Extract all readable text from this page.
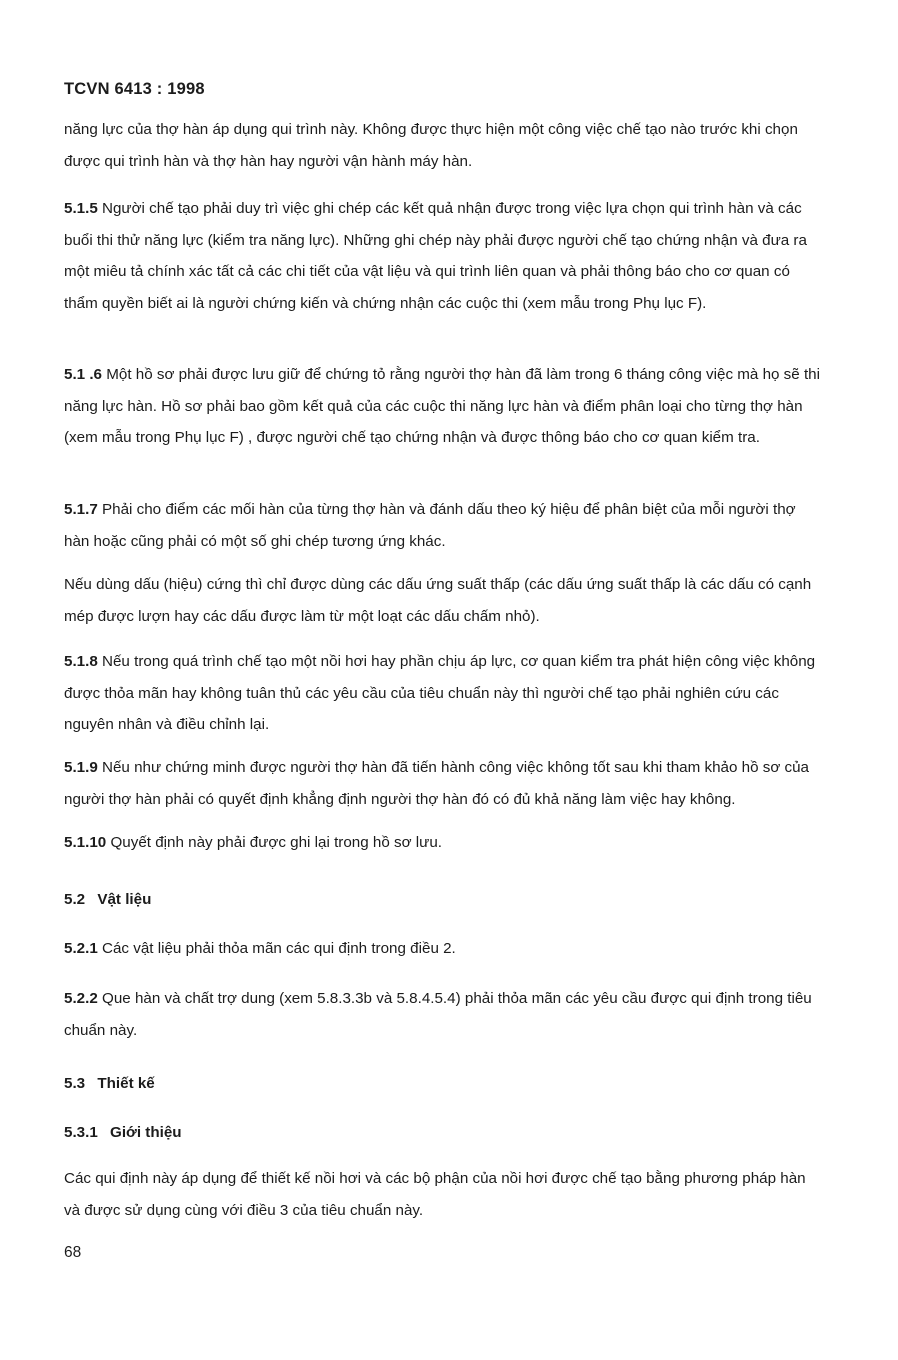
TCVN 6413 : 1998

năng lực của thợ hàn áp dụng qui trình này. Không được thực hiện một công việc chế tạo nào trước khi chọn được qui trình hàn và thợ hàn hay người vận hành máy hàn.

5.1.5 Người chế tạo phải duy trì việc ghi chép các kết quả nhận được trong việc lựa chọn qui trình hàn và các buổi thi thử năng lực (kiểm tra năng lực). Những ghi chép này phải được người chế tạo chứng nhận và đưa ra một miêu tả chính xác tất cả các chi tiết của vật liệu và qui trình liên quan và phải thông báo cho cơ quan có thẩm quyền biết ai là người chứng kiến và chứng nhận các cuộc thi (xem mẫu trong Phụ lục F).

5.1 .6 Một hồ sơ phải được lưu giữ để chứng tỏ rằng người thợ hàn đã làm trong 6 tháng công việc mà họ sẽ thi năng lực hàn. Hồ sơ phải bao gồm kết quả của các cuộc thi năng lực hàn và điểm phân loại cho từng thợ hàn (xem mẫu trong Phụ lục F) , được người chế tạo chứng nhận và được thông báo cho cơ quan kiểm tra.

5.1.7 Phải cho điểm các mối hàn của từng thợ hàn và đánh dấu theo ký hiệu để phân biệt của mỗi người thợ hàn hoặc cũng phải có một số ghi chép tương ứng khác.

Nếu dùng dấu (hiệu) cứng thì chỉ được dùng các dấu ứng suất thấp (các dấu ứng suất thấp là các dấu có cạnh mép được lượn hay các dấu được làm từ một loạt các dấu chấm nhỏ).

5.1.8 Nếu trong quá trình chế tạo một nồi hơi hay phần chịu áp lực, cơ quan kiểm tra phát hiện công việc không được thỏa mãn hay không tuân thủ các yêu cầu của tiêu chuẩn này thì người chế tạo phải nghiên cứu các nguyên nhân và điều chỉnh lại.

5.1.9 Nếu như chứng minh được người thợ hàn đã tiến hành công việc không tốt sau khi tham khảo hồ sơ của người thợ hàn phải có quyết định khẳng định người thợ hàn đó có đủ khả năng làm việc hay không.

5.1.10 Quyết định này phải được ghi lại trong hồ sơ lưu.

5.2 Vật liệu

5.2.1 Các vật liệu phải thỏa mãn các qui định trong điều 2.

5.2.2 Que hàn và chất trợ dung (xem 5.8.3.3b và 5.8.4.5.4) phải thỏa mãn các yêu cầu được qui định trong tiêu chuẩn này.

5.3 Thiết kế

5.3.1 Giới thiệu

Các qui định này áp dụng để thiết kế nồi hơi và các bộ phận của nồi hơi được chế tạo bằng phương pháp hàn và được sử dụng cùng với điều 3 của tiêu chuẩn này.

68
